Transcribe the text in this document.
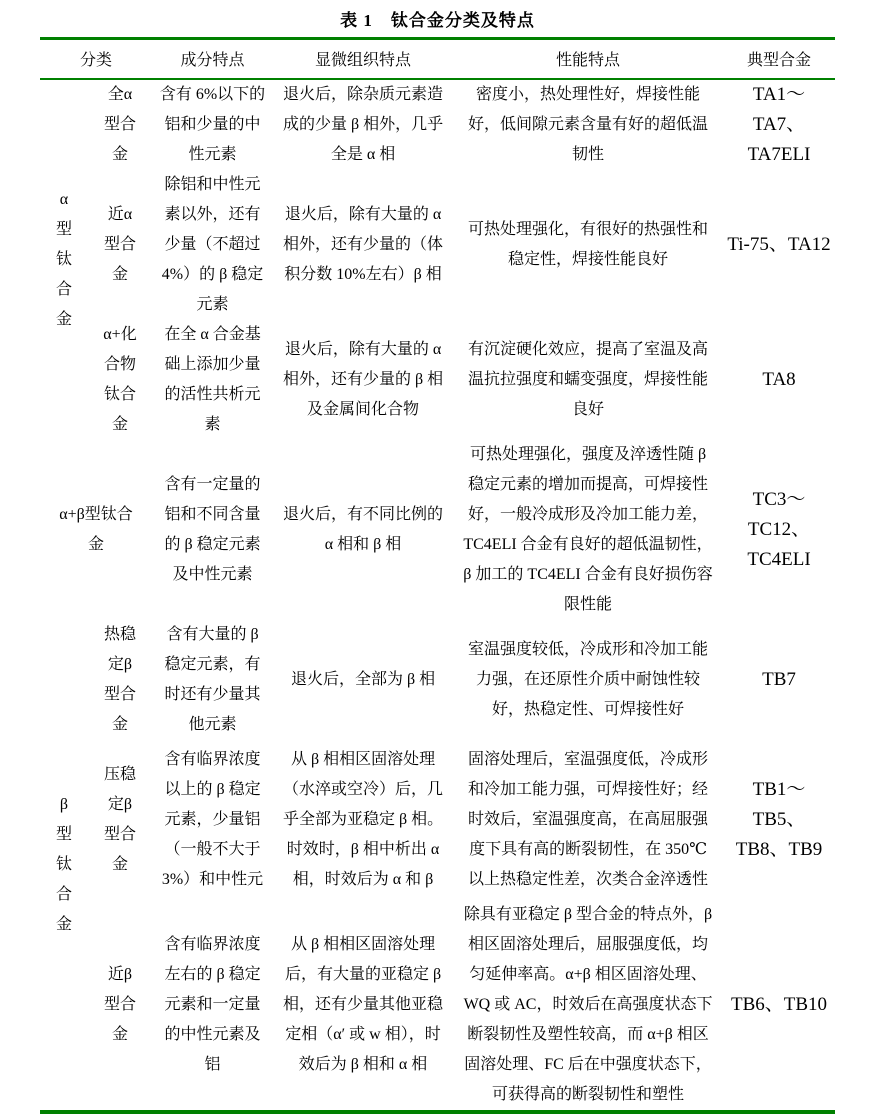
表 1　钛合金分类及特点
分类		成分特点	显微组织特点	性能特点	典型合金
α型钛合金	全α型合金	含有 6%以下的铝和少量的中性元素	退火后，除杂质元素造成的少量 β 相外，几乎全是 α 相	密度小，热处理性好，焊接性能好，低间隙元素含量有好的超低温韧性	TA1～TA7、TA7ELI
	近α型合金	除铝和中性元素以外，还有少量（不超过 4%）的 β 稳定元素	退火后，除有大量的 α 相外，还有少量的（体积分数 10%左右）β 相	可热处理强化，有很好的热强性和稳定性，焊接性能良好	Ti-75、TA12
	α+化合物钛合金	在全 α 合金基础上添加少量的活性共析元素	退火后，除有大量的 α 相外，还有少量的 β 相及金属间化合物	有沉淀硬化效应，提高了室温及高温抗拉强度和蠕变强度，焊接性能良好	TA8
α+β型钛合金		含有一定量的铝和不同含量的 β 稳定元素及中性元素	退火后，有不同比例的 α 相和 β 相	可热处理强化，强度及淬透性随 β 稳定元素的增加而提高，可焊接性好，一般冷成形及冷加工能力差，TC4ELI 合金有良好的超低温韧性，β 加工的 TC4ELI 合金有良好损伤容限性能	TC3～TC12、TC4ELI
β型钛合金	热稳定β型合金	含有大量的 β 稳定元素，有时还有少量其他元素	退火后，全部为 β 相	室温强度较低，冷成形和冷加工能力强，在还原性介质中耐蚀性较好，热稳定性、可焊接性好	TB7
	压稳定β型合金	含有临界浓度以上的 β 稳定元素，少量铝（一般不大于 3%）和中性元	从 β 相相区固溶处理（水淬或空冷）后，几乎全部为亚稳定 β 相。时效时，β 相中析出 α 相，时效后为 α 和 β	固溶处理后，室温强度低，冷成形和冷加工能力强，可焊接性好；经时效后，室温强度高，在高屈服强度下具有高的断裂韧性，在 350℃ 以上热稳定性差，次类合金淬透性	TB1～TB5、TB8、TB9
	近β型合金	含有临界浓度左右的 β 稳定元素和一定量的中性元素及铝	从 β 相相区固溶处理后，有大量的亚稳定 β 相，还有少量其他亚稳定相（α′ 或 w 相），时效后为 β 相和 α 相	除具有亚稳定 β 型合金的特点外，β 相区固溶处理后，屈服强度低，均匀延伸率高。α+β 相区固溶处理、WQ 或 AC，时效后在高强度状态下断裂韧性及塑性较高，而 α+β 相区固溶处理、FC 后在中强度状态下，可获得高的断裂韧性和塑性	TB6、TB10
